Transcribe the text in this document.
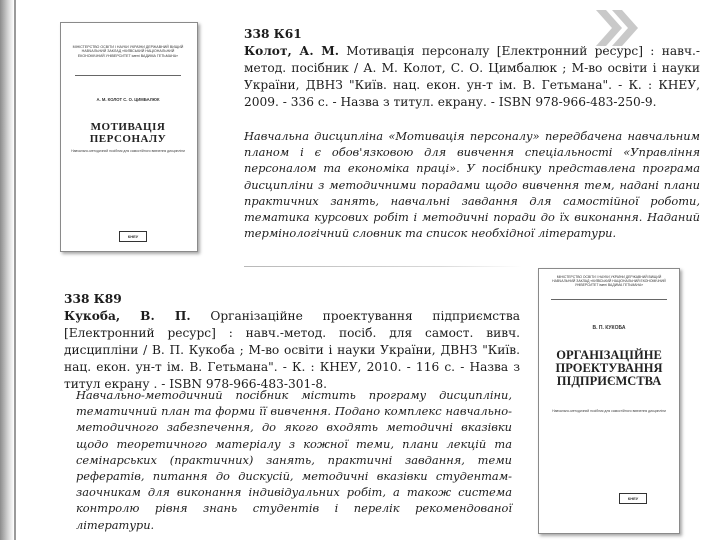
МІНІСТЕРСТВО ОСВІТИ І НАУКИ УКРАЇНИ ДЕРЖАВНИЙ ВИЩИЙ НАВЧАЛЬНИЙ ЗАКЛАД «КИЇВСЬКИЙ НАЦІОНАЛЬНИЙ ЕКОНОМІЧНИЙ УНІВЕРСИТЕТ імені ВАДИМА ГЕТЬМАНА»
А. М. КОЛОТ С. О. ЦИМБАЛЮК
МОТИВАЦІЯ ПЕРСОНАЛУ
Навчально-методичний посібник для самостійного вивчення дисципліни
КНЕУ
338 К61
Колот, А. М. Мотивація персоналу [Електронний ресурс] : навч.-метод. посібник / А. М. Колот, С. О. Цимбалюк ; М-во освіти і науки України, ДВНЗ "Київ. нац. екон. ун-т ім. В. Гетьмана". - К. : КНЕУ, 2009. - 336 с. - Назва з титул. екрану. - ISBN 978-966-483-250-9.
Навчальна дисципліна «Мотивація персоналу» передбачена навчальним планом і є обов'язковою для вивчення спеціальності «Управління персоналом та економіка праці». У посібнику представлена програма дисципліни з методичними порадами щодо вивчення тем, надані плани практичних занять, навчальні завдання для самостійної роботи, тематика курсових робіт і методичні поради до їх виконання. Наданий термінологічний словник та список необхідної літератури.
338 К89
Кукоба, В. П. Організаційне проектування підприємства [Електронний ресурс] : навч.-метод. посіб. для самост. вивч. дисципліни / В. П. Кукоба ; М-во освіти і науки України, ДВНЗ "Київ. нац. екон. ун-т ім. В. Гетьмана". - К. : КНЕУ, 2010. - 116 с. - Назва з титул екрану . - ISBN 978-966-483-301-8.
Навчально-методичний посібник містить програму дисципліни, тематичний план та форми її вивчення. Подано комплекс навчально-методичного забезпечення, до якого входять методичні вказівки щодо теоретичного матеріалу з кожної теми, плани лекцій та семінарських (практичних) занять, практичні завдання, теми рефератів, питання до дискусій, методичні вказівки студентам-заочникам для виконання індивідуальних робіт, а також система контролю рівня знань студентів і перелік рекомендованої літератури.
МІНІСТЕРСТВО ОСВІТИ І НАУКИ УКРАЇНИ ДЕРЖАВНИЙ ВИЩИЙ НАВЧАЛЬНИЙ ЗАКЛАД «КИЇВСЬКИЙ НАЦІОНАЛЬНИЙ ЕКОНОМІЧНИЙ УНІВЕРСИТЕТ імені ВАДИМА ГЕТЬМАНА»
В. П. КУКОБА
ОРГАНІЗАЦІЙНЕ ПРОЕКТУВАННЯ ПІДПРИЄМСТВА
Навчально-методичний посібник для самостійного вивчення дисципліни
КНЕУ
